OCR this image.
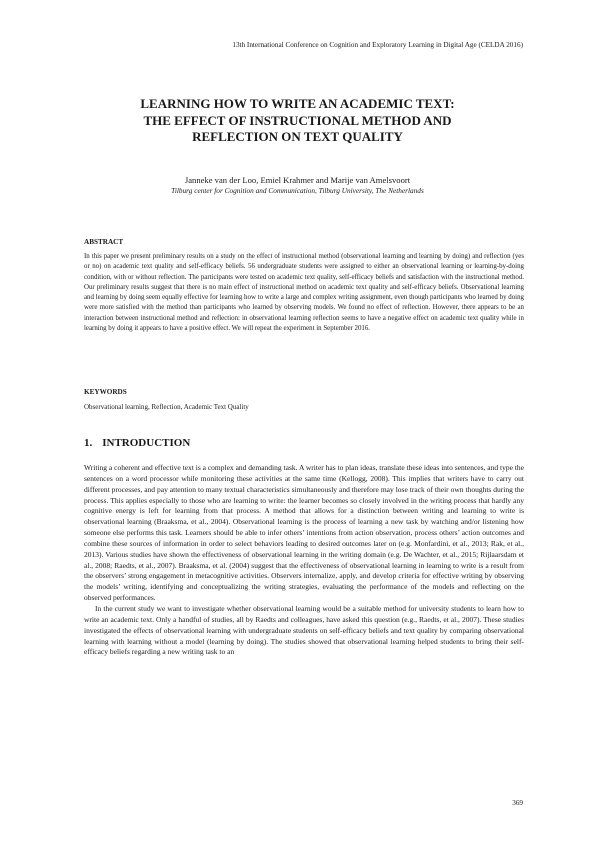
13th International Conference on Cognition and Exploratory Learning in Digital Age (CELDA 2016)
LEARNING HOW TO WRITE AN ACADEMIC TEXT:
THE EFFECT OF INSTRUCTIONAL METHOD AND
REFLECTION ON TEXT QUALITY
Janneke van der Loo, Emiel Krahmer and Marije van Amelsvoort
Tilburg center for Cognition and Communication, Tilburg University, The Netherlands
ABSTRACT

In this paper we present preliminary results on a study on the effect of instructional method (observational learning and learning by doing) and reflection (yes or no) on academic text quality and self-efficacy beliefs. 56 undergraduate students were assigned to either an observational learning or learning-by-doing condition, with or without reflection. The participants were tested on academic text quality, self-efficacy beliefs and satisfaction with the instructional method. Our preliminary results suggest that there is no main effect of instructional method on academic text quality and self-efficacy beliefs. Observational learning and learning by doing seem equally effective for learning how to write a large and complex writing assignment, even though participants who learned by doing were more satisfied with the method than participants who learned by observing models. We found no effect of reflection. However, there appears to be an interaction between instructional method and reflection: in observational learning reflection seems to have a negative effect on academic text quality while in learning by doing it appears to have a positive effect. We will repeat the experiment in September 2016.

KEYWORDS

Observational learning, Reflection, Academic Text Quality

1. INTRODUCTION

Writing a coherent and effective text is a complex and demanding task. A writer has to plan ideas, translate these ideas into sentences, and type the sentences on a word processor while monitoring these activities at the same time (Kellogg, 2008). This implies that writers have to carry out different processes, and pay attention to many textual characteristics simultaneously and therefore may lose track of their own thoughts during the process. This applies especially to those who are learning to write: the learner becomes so closely involved in the writing process that hardly any cognitive energy is left for learning from that process. A method that allows for a distinction between writing and learning to write is observational learning (Braaksma, et al., 2004). Observational learning is the process of learning a new task by watching and/or listening how someone else performs this task. Learners should be able to infer others’ intentions from action observation, process others’ action outcomes and combine these sources of information in order to select behaviors leading to desired outcomes later on (e.g. Monfardini, et al., 2013; Rak, et al., 2013). Various studies have shown the effectiveness of observational learning in the writing domain (e.g. De Wachter, et al., 2015; Rijlaarsdam et al., 2008; Raedts, et al., 2007). Braaksma, et al. (2004) suggest that the effectiveness of observational learning in learning to write is a result from the observers’ strong engagement in metacognitive activities. Observers internalize, apply, and develop criteria for effective writing by observing the models’ writing, identifying and conceptualizing the writing strategies, evaluating the performance of the models and reflecting on the observed performances.

In the current study we want to investigate whether observational learning would be a suitable method for university students to learn how to write an academic text. Only a handful of studies, all by Raedts and colleagues, have asked this question (e.g., Raedts, et al., 2007). These studies investigated the effects of observational learning with undergraduate students on self-efficacy beliefs and text quality by comparing observational learning with learning without a model (learning by doing). The studies showed that observational learning helped students to bring their self-efficacy beliefs regarding a new writing task to an

369
